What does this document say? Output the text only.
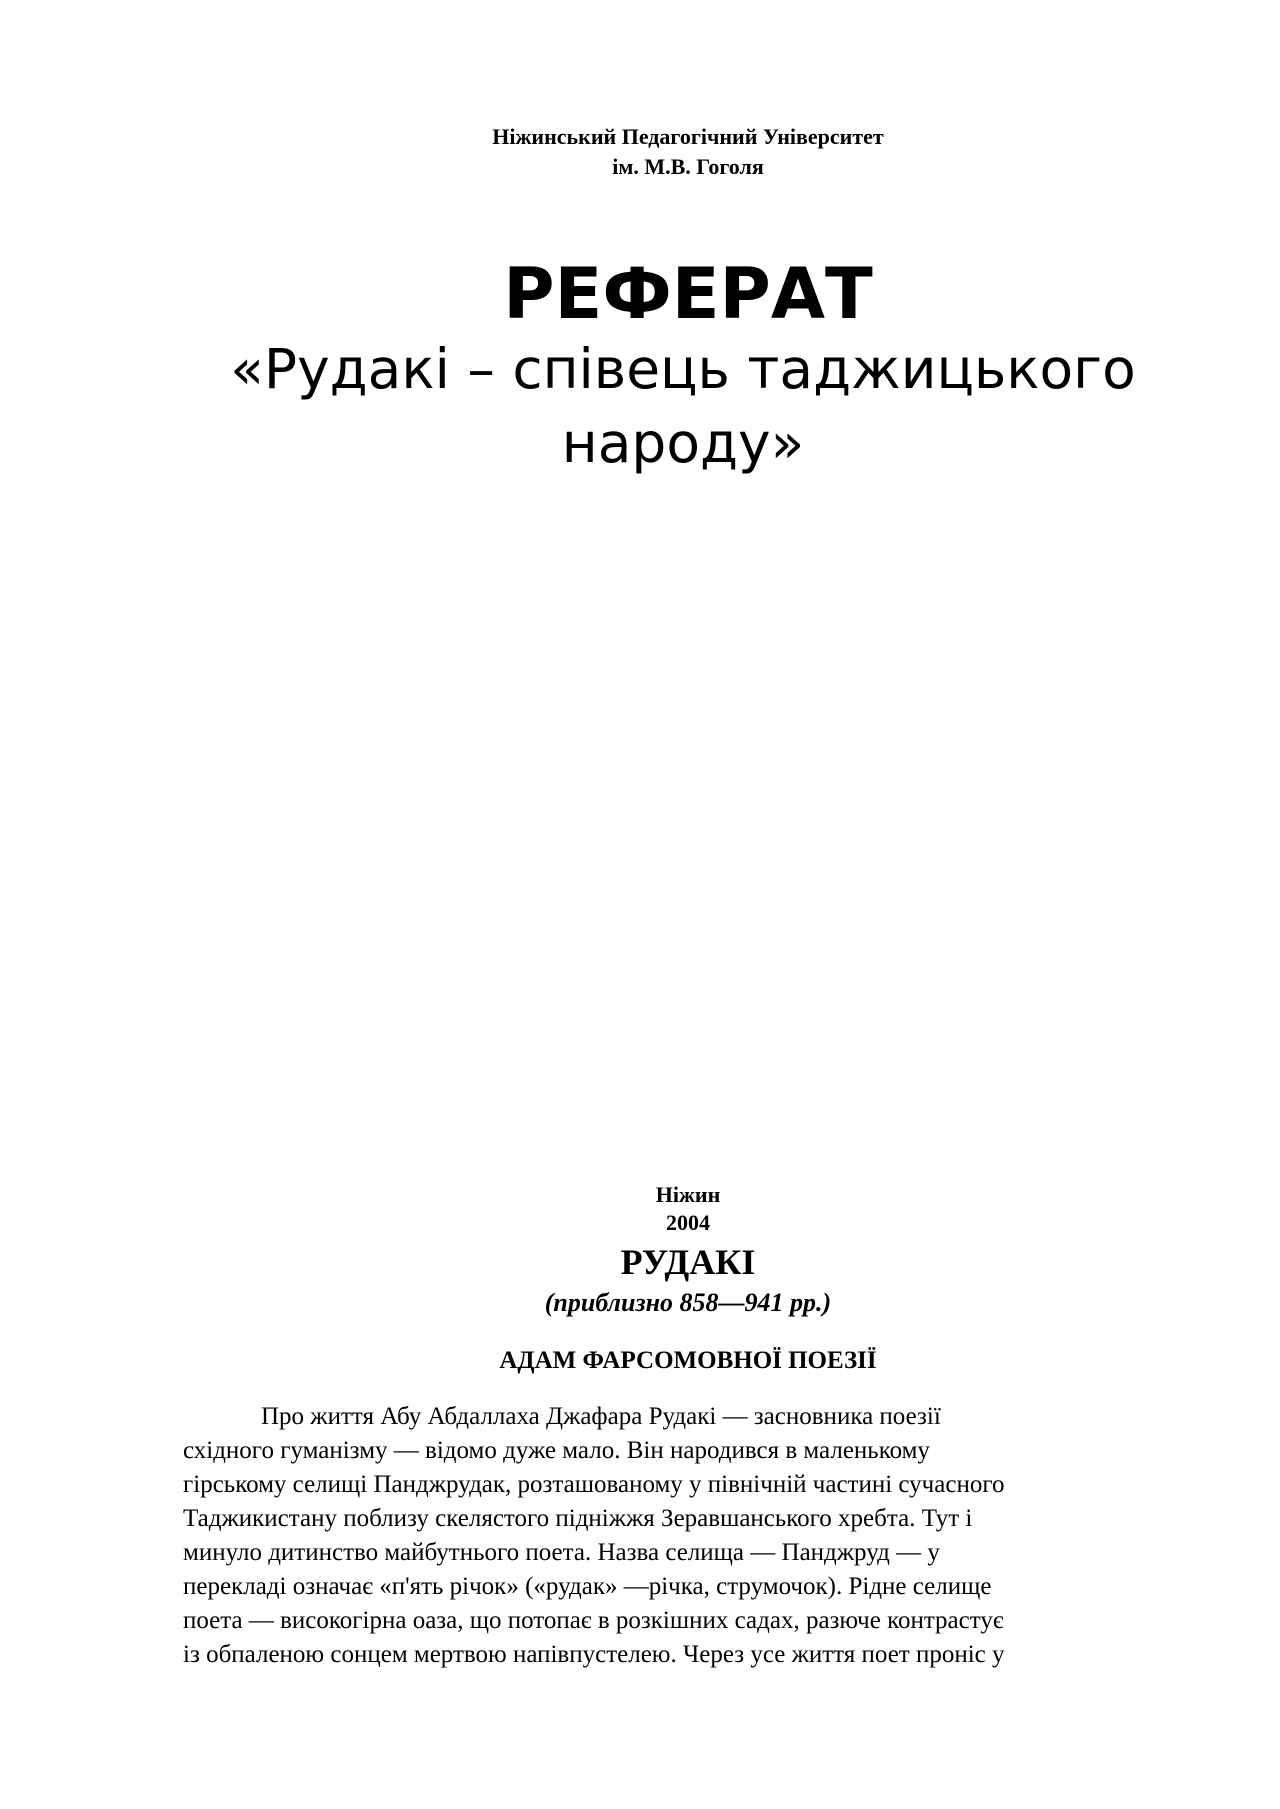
Ніжинський Педагогічний Університет
ім. М.В. Гоголя
РЕФЕРАТ
«Рудакі – співець таджицького
народу»
Ніжин
2004
РУДАКІ
(приблизно 858—941 рр.)
АДАМ ФАРСОМОВНОЇ ПОЕЗІЇ
Про життя Абу Абдаллаха Джафара Рудакі — засновника поезії
східного гуманізму — відомо дуже мало. Він народився в маленькому
гірському селищі Панджрудак, розташованому у північній частині сучасного
Таджикистану поблизу скелястого підніжжя Зеравшанського хребта. Тут і
минуло дитинство майбутнього поета. Назва селища — Панджруд — у
перекладі означає «п'ять річок» («рудак» —річка, струмочок). Рідне селище
поета — високогірна оаза, що потопає в розкішних садах, разюче контрастує
із обпаленою сонцем мертвою напівпустелею. Через усе життя поет проніс у
